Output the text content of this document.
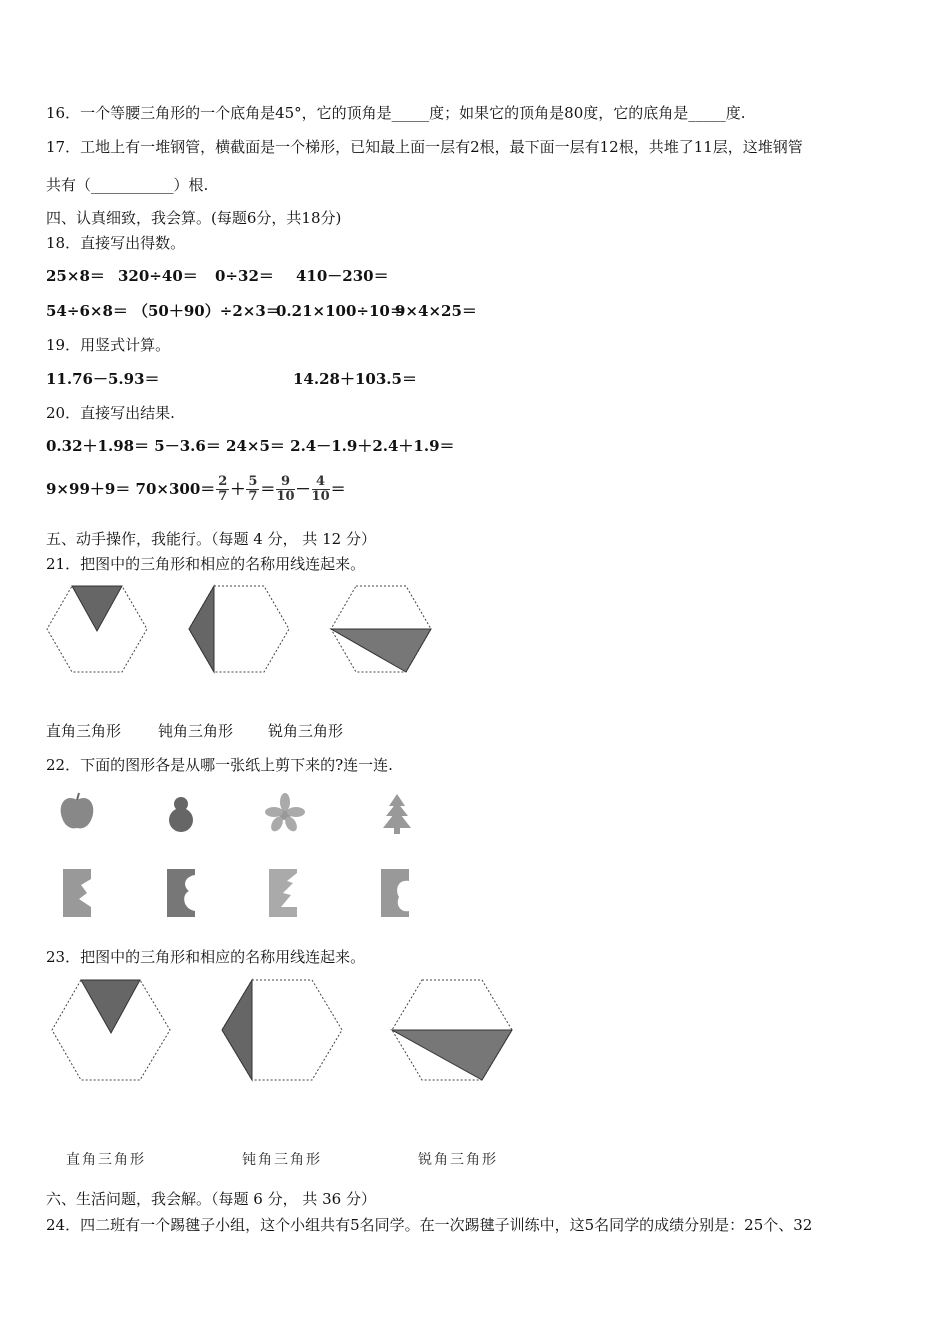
16．一个等腰三角形的一个底角是45°，它的顶角是_____度；如果它的顶角是80度，它的底角是_____度.
17．工地上有一堆钢管，横截面是一个梯形，已知最上面一层有2根，最下面一层有12根，共堆了11层，这堆钢管
共有（___________）根.
四、认真细致，我会算。(每题6分，共18分)
18．直接写出得数。
25×8＝ 320÷40＝ 0÷32＝ 410－230＝
54÷6×8＝ （50＋90）÷2×3＝
0.21×100÷10＝
9×4×25＝
19．用竖式计算。
11.76－5.93＝	14.28＋103.5＝
20．直接写出结果.
0.32＋1.98＝ 5－3.6＝ 24×5＝ 2.4－1.9＋2.4＋1.9＝
$9\times 99+9= 70\times 300= \frac{2}{7} + \frac{5}{7} = \frac{9}{10} - \frac{4}{10}$ ＝
五、动手操作，我能行。（每题 4 分， 共 12 分）
21．把图中的三角形和相应的名称用线连起来。
直角三角形 钝角三角形 锐角三角形
22．下面的图形各是从哪一张纸上剪下来的?连一连.
23．把图中的三角形和相应的名称用线连起来。
直角三角形	钝角三角形	锐角三角形
六、生活问题，我会解。（每题 6 分， 共 36 分）
24．四二班有一个踢毽子小组，这个小组共有5名同学。在一次踢毽子训练中，这5名同学的成绩分别是：25个、32
